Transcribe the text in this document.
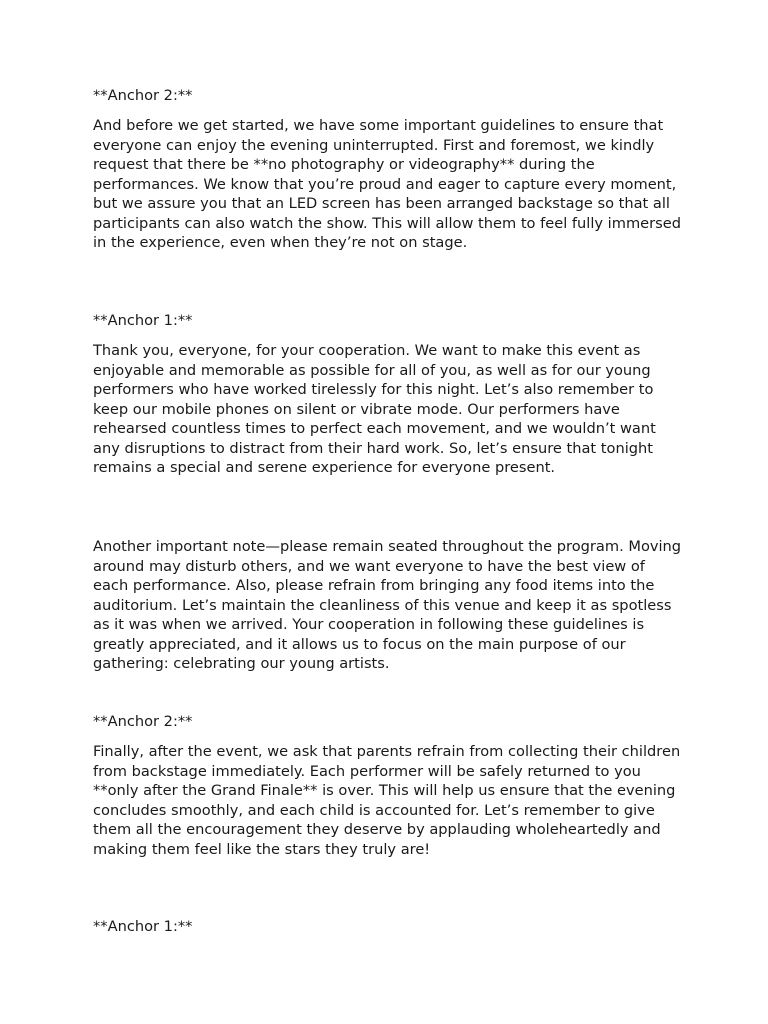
**Anchor 2:**

And before we get started, we have some important guidelines to ensure that everyone can enjoy the evening uninterrupted. First and foremost, we kindly request that there be **no photography or videography** during the performances. We know that you’re proud and eager to capture every moment, but we assure you that an LED screen has been arranged backstage so that all participants can also watch the show. This will allow them to feel fully immersed in the experience, even when they’re not on stage.

**Anchor 1:**

Thank you, everyone, for your cooperation. We want to make this event as enjoyable and memorable as possible for all of you, as well as for our young performers who have worked tirelessly for this night. Let’s also remember to keep our mobile phones on silent or vibrate mode. Our performers have rehearsed countless times to perfect each movement, and we wouldn’t want any disruptions to distract from their hard work. So, let’s ensure that tonight remains a special and serene experience for everyone present.

Another important note—please remain seated throughout the program. Moving around may disturb others, and we want everyone to have the best view of each performance. Also, please refrain from bringing any food items into the auditorium. Let’s maintain the cleanliness of this venue and keep it as spotless as it was when we arrived. Your cooperation in following these guidelines is greatly appreciated, and it allows us to focus on the main purpose of our gathering: celebrating our young artists.

**Anchor 2:**

Finally, after the event, we ask that parents refrain from collecting their children from backstage immediately. Each performer will be safely returned to you **only after the Grand Finale** is over. This will help us ensure that the evening concludes smoothly, and each child is accounted for. Let’s remember to give them all the encouragement they deserve by applauding wholeheartedly and making them feel like the stars they truly are!

**Anchor 1:**
